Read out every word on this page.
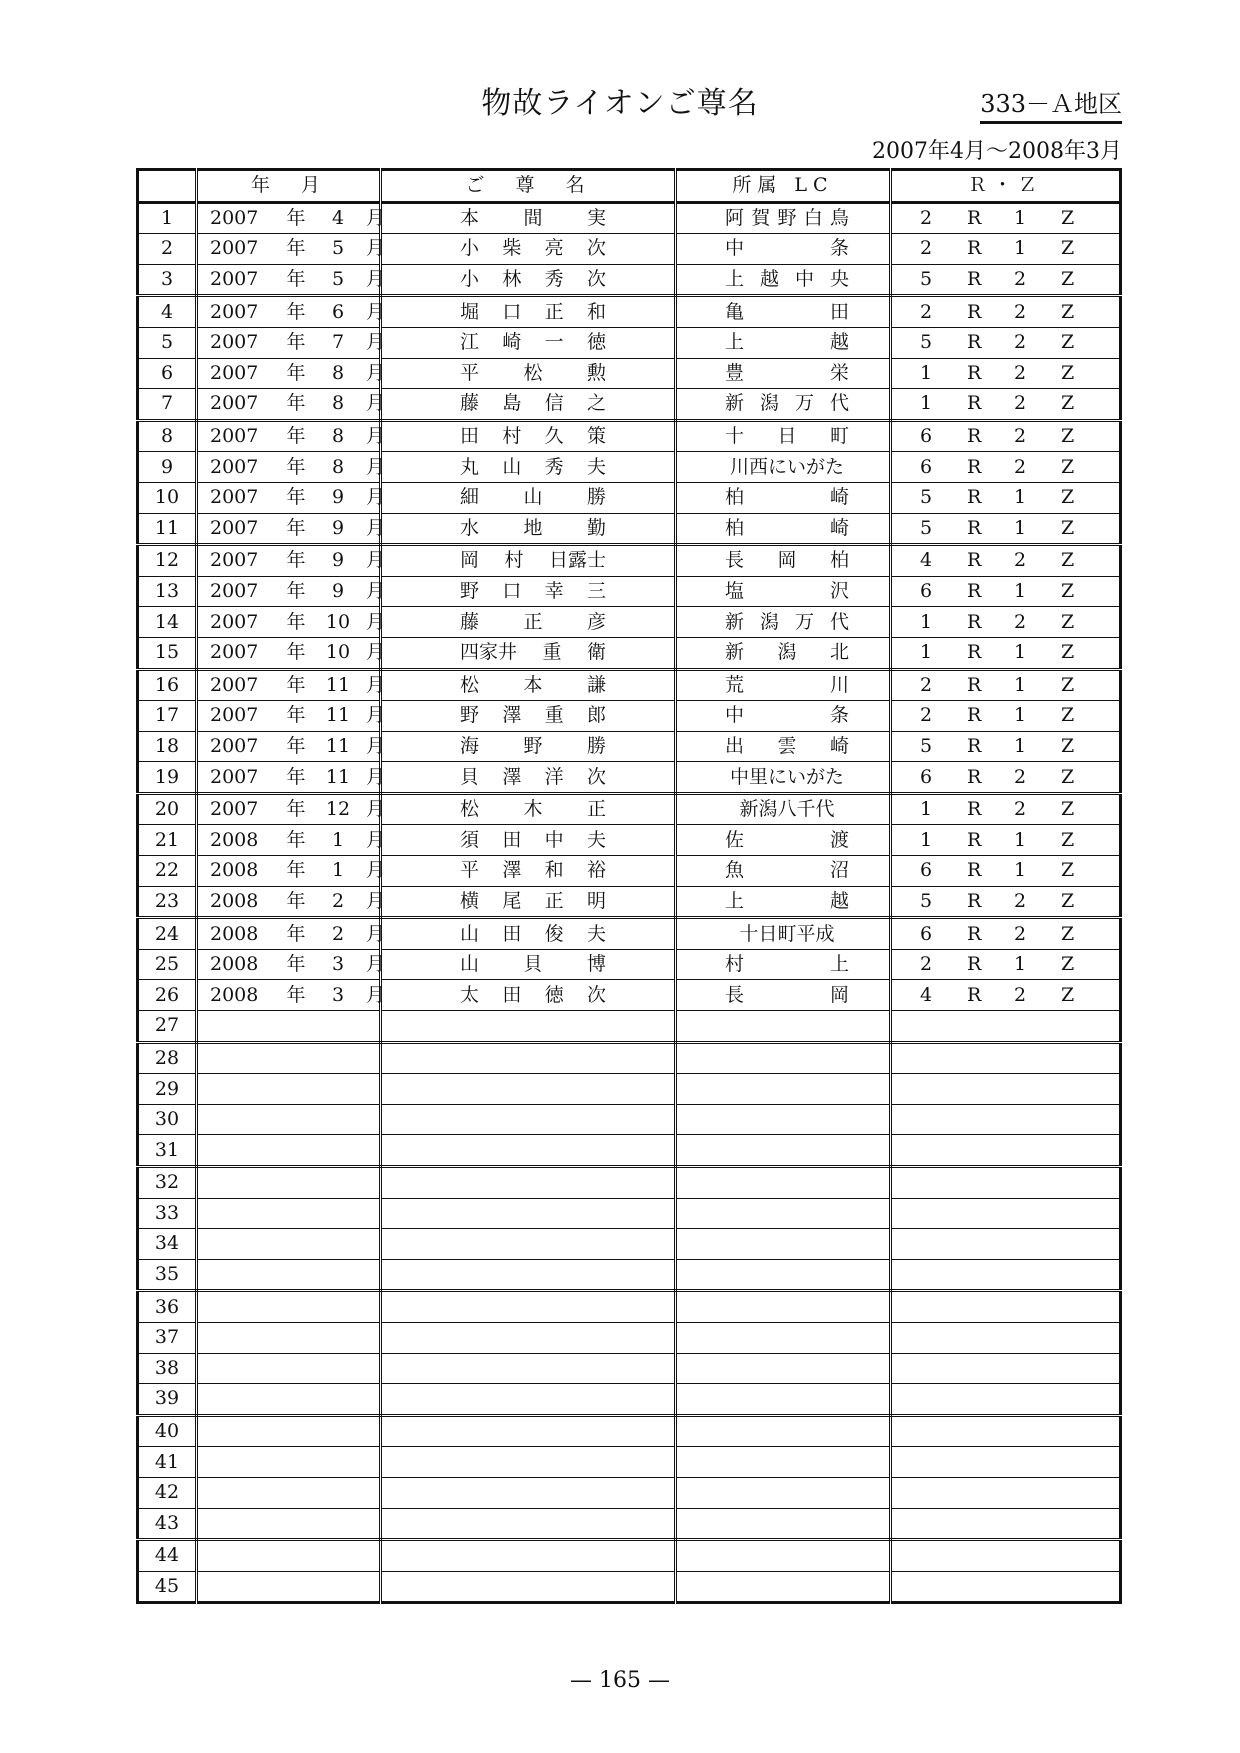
物故ライオンご尊名	333－Ａ地区
2007年4月～2008年3月
	年　月	ご　尊　名	所属 LC	Ｒ・Ｚ
1	2007 年 4 月	本 間 実	阿 賀 野 白 鳥	2 R 1 Z

2	2007 年 5 月	小 柴 亮 次	中 条	2 R 1 Z

3	2007 年 5 月	小 林 秀 次	上 越 中 央	5 R 2 Z

4	2007 年 6 月	堀 口 正 和	亀 田	2 R 2 Z

5	2007 年 7 月	江 崎 一 徳	上 越	5 R 2 Z

6	2007 年 8 月	平 松 勲	豊 栄	1 R 2 Z

7	2007 年 8 月	藤 島 信 之	新 潟 万 代	1 R 2 Z

8	2007 年 8 月	田 村 久 策	十 日 町	6 R 2 Z

9	2007 年 8 月	丸 山 秀 夫	川西にいがた	6 R 2 Z

10	2007 年 9 月	細 山 勝	柏 崎	5 R 1 Z

11	2007 年 9 月	水 地 勤	柏 崎	5 R 1 Z

12	2007 年 9 月	岡 村 日露士	長 岡 柏	4 R 2 Z

13	2007 年 9 月	野 口 幸 三	塩 沢	6 R 1 Z

14	2007 年 10 月	藤 正 彦	新 潟 万 代	1 R 2 Z

15	2007 年 10 月	四家井 重 衛	新 潟 北	1 R 1 Z

16	2007 年 11 月	松 本 謙	荒 川	2 R 1 Z

17	2007 年 11 月	野 澤 重 郎	中 条	2 R 1 Z

18	2007 年 11 月	海 野 勝	出 雲 崎	5 R 1 Z

19	2007 年 11 月	貝 澤 洋 次	中里にいがた	6 R 2 Z

20	2007 年 12 月	松 木 正	新潟八千代	1 R 2 Z

21	2008 年 1 月	須 田 中 夫	佐 渡	1 R 1 Z

22	2008 年 1 月	平 澤 和 裕	魚 沼	6 R 1 Z

23	2008 年 2 月	横 尾 正 明	上 越	5 R 2 Z

24	2008 年 2 月	山 田 俊 夫	十日町平成	6 R 2 Z

25	2008 年 3 月	山 貝 博	村 上	2 R 1 Z

26	2008 年 3 月	太 田 徳 次	長 岡	4 R 2 Z

27				
28				
29				
30				
31				
32				
33				
34				
35				
36				
37				
38				
39				
40				
41				
42				
43				
44				
45				
— 165 —
